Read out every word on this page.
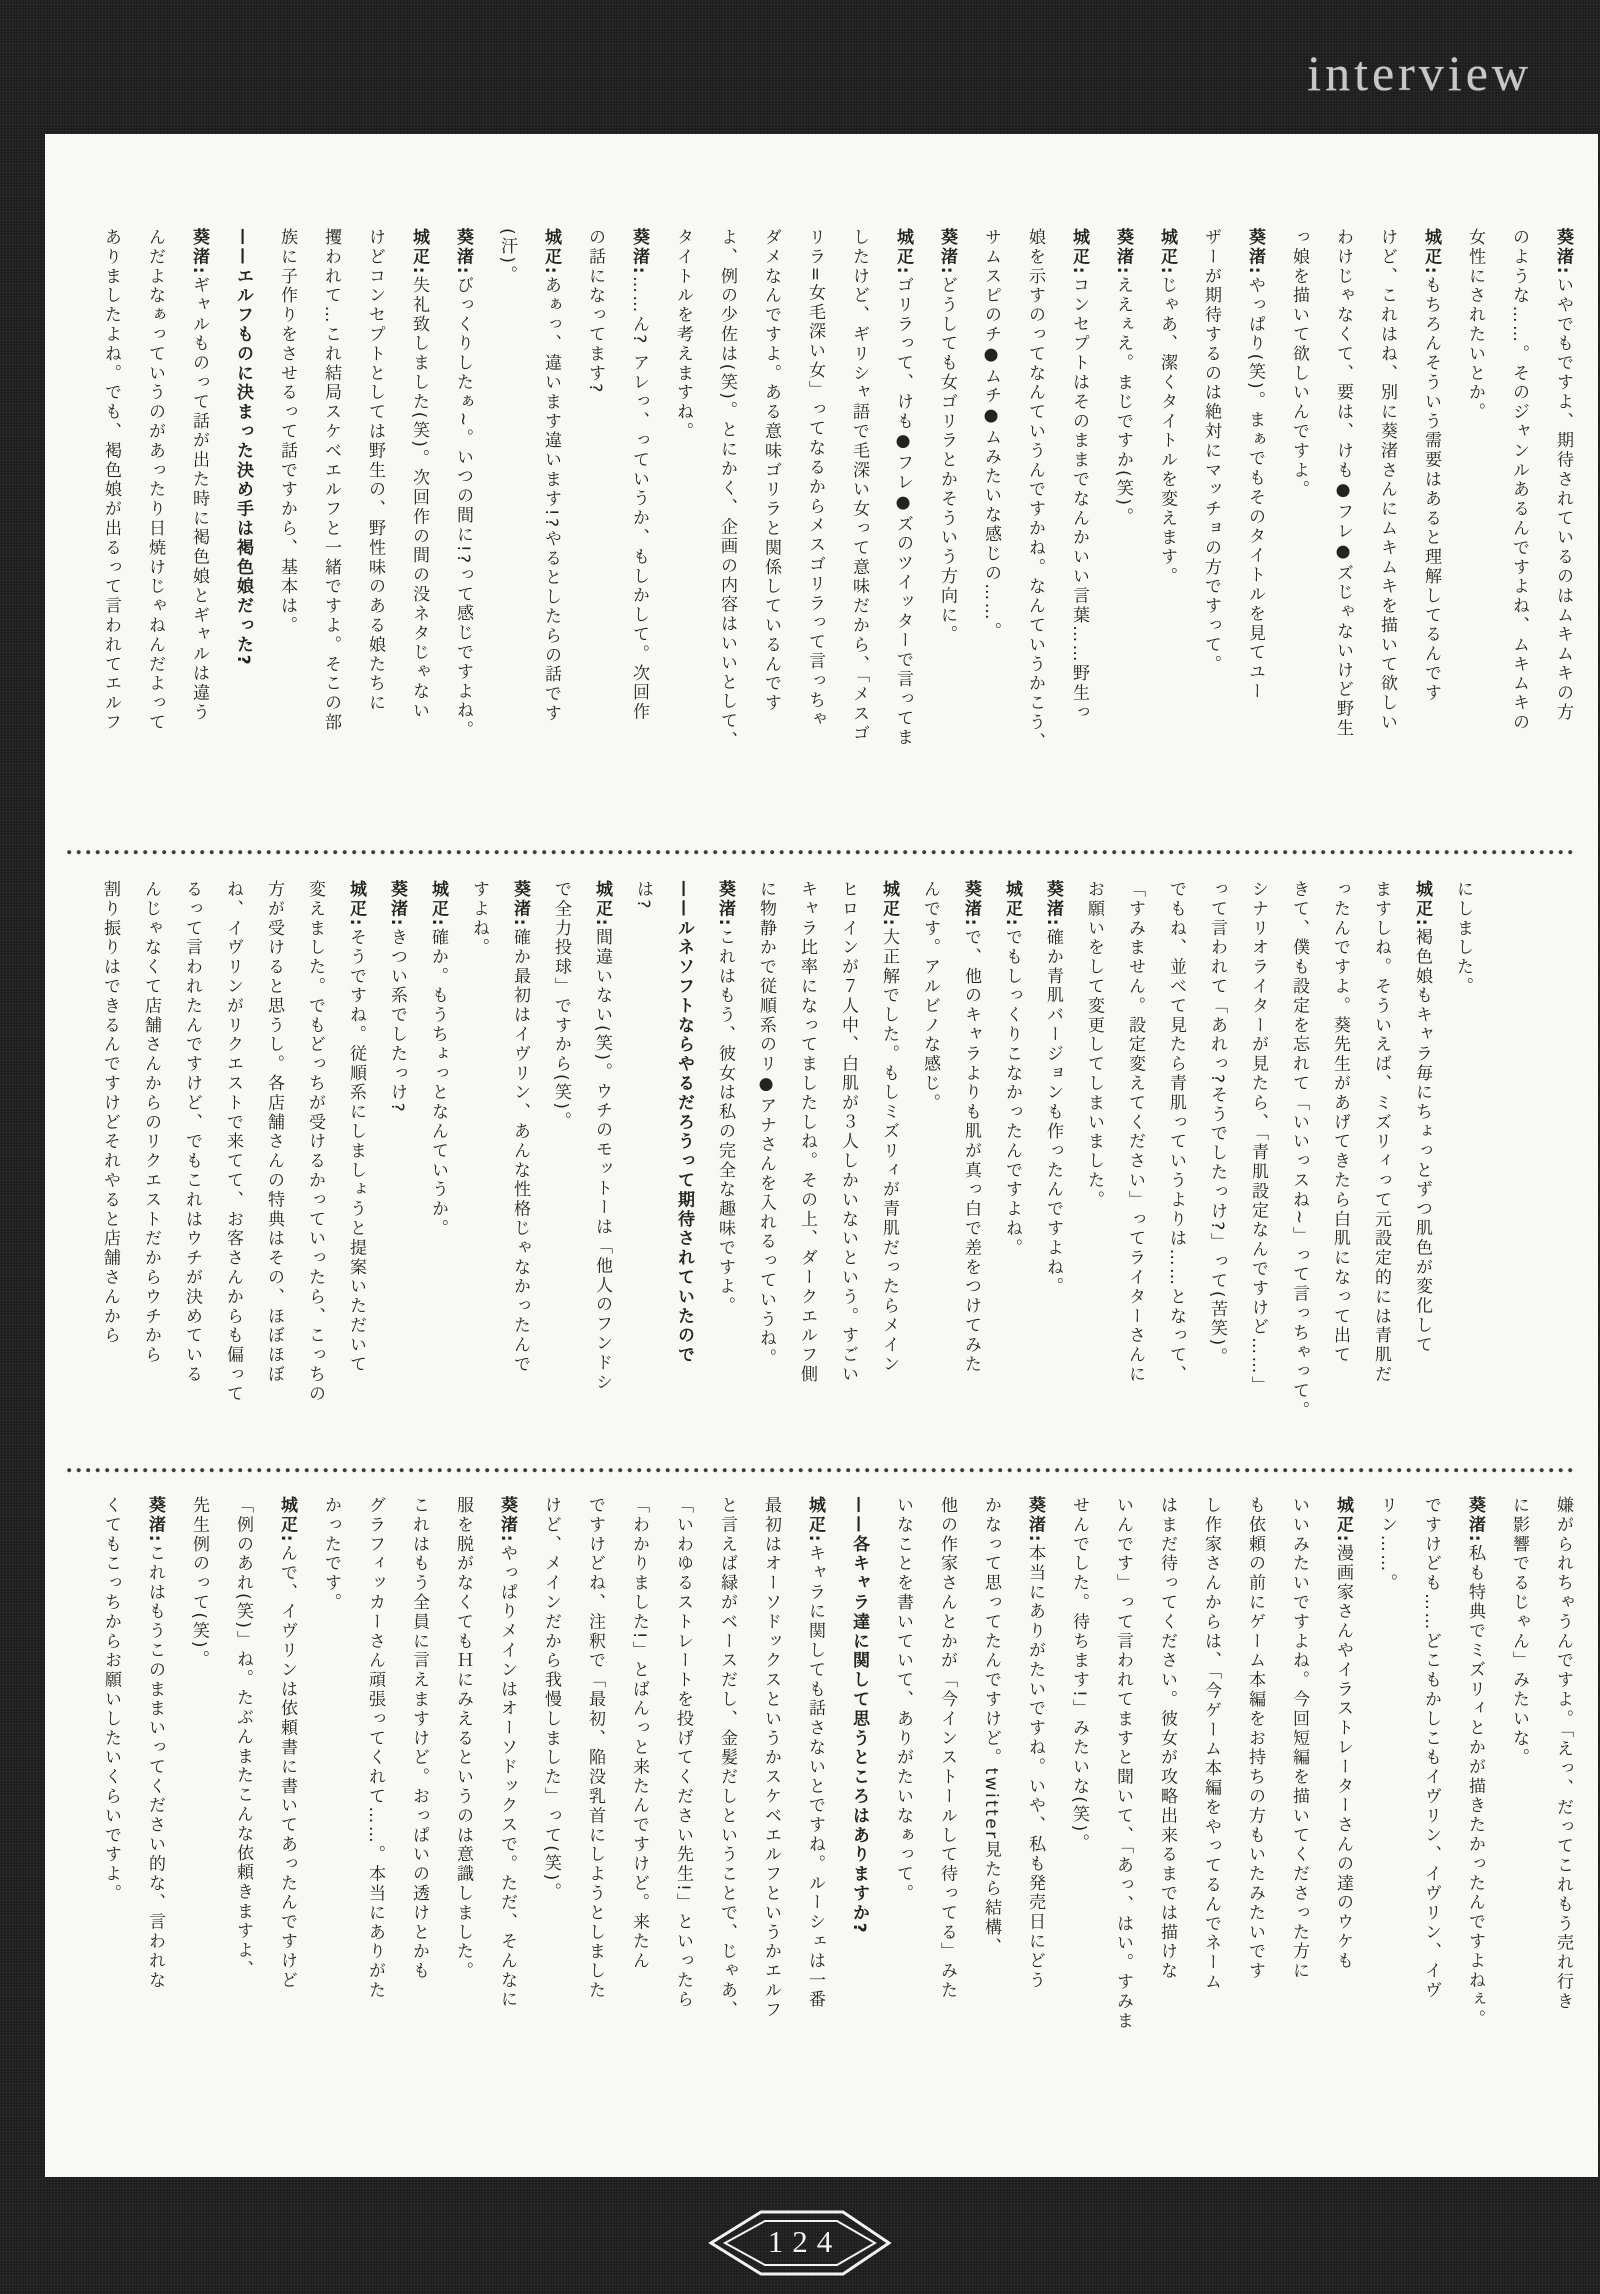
interview
葵渚:いやでもですよ、期待されているのはムキムキの方
のような……。そのジャンルあるんですよね、ムキムキの
女性にされたいとか。
城疋:もちろんそういう需要はあると理解してるんです
けど、これはね、別に葵渚さんにムキムキを描いて欲しい
わけじゃなくて、要は、けも●フレ●ズじゃないけど野生
っ娘を描いて欲しいんですよ。
葵渚:やっぱり(笑)。まぁでもそのタイトルを見てユー
ザーが期待するのは絶対にマッチョの方ですって。
城疋:じゃあ、潔くタイトルを変えます。
葵渚:ええぇえ。まじですか(笑)。
城疋:コンセプトはそのままでなんかいい言葉……野生っ
娘を示すのってなんていうんですかね。なんていうかこう、
サムスピのチ●ムチ●ムみたいな感じの……。
葵渚:どうしても女ゴリラとかそういう方向に。
城疋:ゴリラって、けも●フレ●ズのツイッターで言ってま
したけど、ギリシャ語で毛深い女って意味だから、「メスゴ
リラ=女毛深い女」ってなるからメスゴリラって言っちゃ
ダメなんですよ。ある意味ゴリラと関係しているんです
よ、例の少佐は(笑)。とにかく、企画の内容はいいとして、
タイトルを考えますね。
葵渚:……ん? アレっ、っていうか、もしかして。次回作
の話になってます?
城疋:あぁっ、違います違います!?やるとしたらの話です
(汗)。
葵渚:びっくりしたぁ~。いつの間に!?って感じですよね。
城疋:失礼致しました(笑)。次回作の間の没ネタじゃない
けどコンセプトとしては野生の、野性味のある娘たちに
攫われて…これ結局スケベエルフと一緒ですよ。そこの部
族に子作りをさせるって話ですから、基本は。
——エルフものに決まった決め手は褐色娘だった?
葵渚:ギャルものって話が出た時に褐色娘とギャルは違う
んだよなぁっていうのがあったり日焼けじゃねんだよって
ありましたよね。でも、褐色娘が出るって言われてエルフ
にしました。
城疋:褐色娘もキャラ毎にちょっとずつ肌色が変化して
ますしね。そういえば、ミズリィって元設定的には青肌だ
ったんですよ。葵先生があげてきたら白肌になって出て
きて、僕も設定を忘れて「いいっスね~」って言っちゃって。
シナリオライターが見たら、「青肌設定なんですけど……」
って言われて「あれっ?そうでしたっけ?」って(苦笑)。
でもね、並べて見たら青肌っていうよりは……となって、
「すみません。設定変えてください」ってライターさんに
お願いをして変更してしまいました。
葵渚:確か青肌バージョンも作ったんですよね。
城疋:でもしっくりこなかったんですよね。
葵渚:で、他のキャラよりも肌が真っ白で差をつけてみた
んです。アルビノな感じ。
城疋:大正解でした。もしミズリィが青肌だったらメイン
ヒロインが７人中、白肌が３人しかいないという。すごい
キャラ比率になってましたしね。その上、ダークエルフ側
に物静かで従順系のリ●アナさんを入れるっていうね。
葵渚:これはもう、彼女は私の完全な趣味ですよ。
——ルネソフトならやるだろうって期待されていたので
は?
城疋:間違いない(笑)。ウチのモットーは「他人のフンドシ
で全力投球」ですから(笑)。
葵渚:確か最初はイヴリン、あんな性格じゃなかったんで
すよね。
城疋:確か。もうちょっとなんていうか。
葵渚:きつい系でしたっけ?
城疋:そうですね。従順系にしましょうと提案いただいて
変えました。でもどっちが受けるかっていったら、こっちの
方が受けると思うし。各店舗さんの特典はその、ほぼほぼ
ね、イヴリンがリクエストで来てて、お客さんからも偏って
るって言われたんですけど、でもこれはウチが決めている
んじゃなくて店舗さんからのリクエストだからウチから
割り振りはできるんですけどそれやると店舗さんから
嫌がられちゃうんですよ。「えっ、だってこれもう売れ行き
に影響でるじゃん」みたいな。
葵渚:私も特典でミズリィとかが描きたかったんですよねぇ。
ですけども……どこもかしこもイヴリン、イヴリン、イヴ
リン……。
城疋:漫画家さんやイラストレーターさんの達のウケも
いいみたいですよね。今回短編を描いてくださった方に
も依頼の前にゲーム本編をお持ちの方もいたみたいです
し作家さんからは、「今ゲーム本編をやってるんでネーム
はまだ待ってください。彼女が攻略出来るまでは描けな
いんです」って言われてますと聞いて、「あっ、はい。すみま
せんでした。待ちます!」みたいな(笑)。
葵渚:本当にありがたいですね。いや、私も発売日にどう
かなって思ってたんですけど。twitter見たら結構、
他の作家さんとかが「今インストールして待ってる」みた
いなことを書いていて、ありがたいなぁって。
——各キャラ達に関して思うところはありますか?
城疋:キャラに関しても話さないとですね。ルーシェは一番
最初はオーソドックスというかスケベエルフというかエルフ
と言えば緑がベースだし、金髪だしということで、じゃあ、
「いわゆるストレートを投げてください先生!」といったら
「わかりました!」とばんっと来たんですけど。来たん
ですけどね、注釈で「最初、陥没乳首にしようとしました
けど、メインだから我慢しました」って(笑)。
葵渚:やっぱりメインはオーソドックスで。ただ、そんなに
服を脱がなくてもＨにみえるというのは意識しました。
これはもう全員に言えますけど。おっぱいの透けとかも
グラフィッカーさん頑張ってくれて……。本当にありがた
かったです。
城疋:んで、イヴリンは依頼書に書いてあったんですけど
「例のあれ(笑)」ね。たぶんまたこんな依頼きますよ、
先生例のって(笑)。
葵渚:これはもうこのままいってください的な、言われな
くてもこっちからお願いしたいくらいですよ。
124
